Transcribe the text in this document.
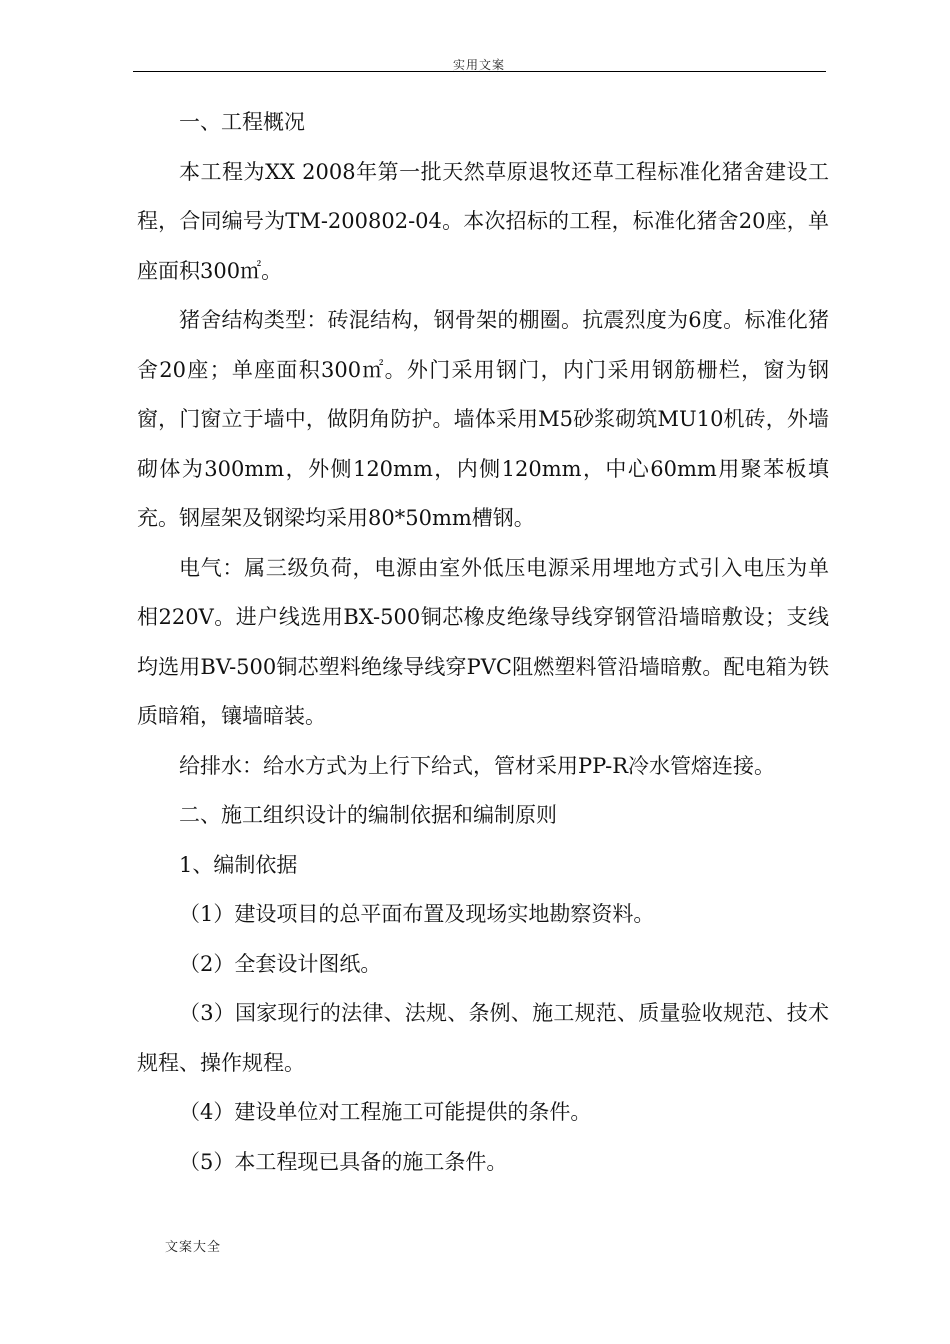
实用文案

一、工程概况

本工程为XX 2008年第一批天然草原退牧还草工程标准化猪舍建设工程，合同编号为TM-200802-04。本次招标的工程，标准化猪舍20座，单座面积300㎡。

猪舍结构类型：砖混结构，钢骨架的棚圈。抗震烈度为6度。标准化猪舍20座；单座面积300㎡。外门采用钢门，内门采用钢筋栅栏，窗为钢窗，门窗立于墙中，做阴角防护。墙体采用M5砂浆砌筑MU10机砖，外墙砌体为300mm，外侧120mm，内侧120mm，中心60mm用聚苯板填充。钢屋架及钢梁均采用80*50mm槽钢。

电气：属三级负荷，电源由室外低压电源采用埋地方式引入电压为单相220V。进户线选用BX-500铜芯橡皮绝缘导线穿钢管沿墙暗敷设；支线均选用BV-500铜芯塑料绝缘导线穿PVC阻燃塑料管沿墙暗敷。配电箱为铁质暗箱，镶墙暗装。

给排水：给水方式为上行下给式，管材采用PP-R冷水管熔连接。

二、施工组织设计的编制依据和编制原则

1、编制依据

（1）建设项目的总平面布置及现场实地勘察资料。

（2）全套设计图纸。

（3）国家现行的法律、法规、条例、施工规范、质量验收规范、技术规程、操作规程。

（4）建设单位对工程施工可能提供的条件。

（5）本工程现已具备的施工条件。

文案大全
